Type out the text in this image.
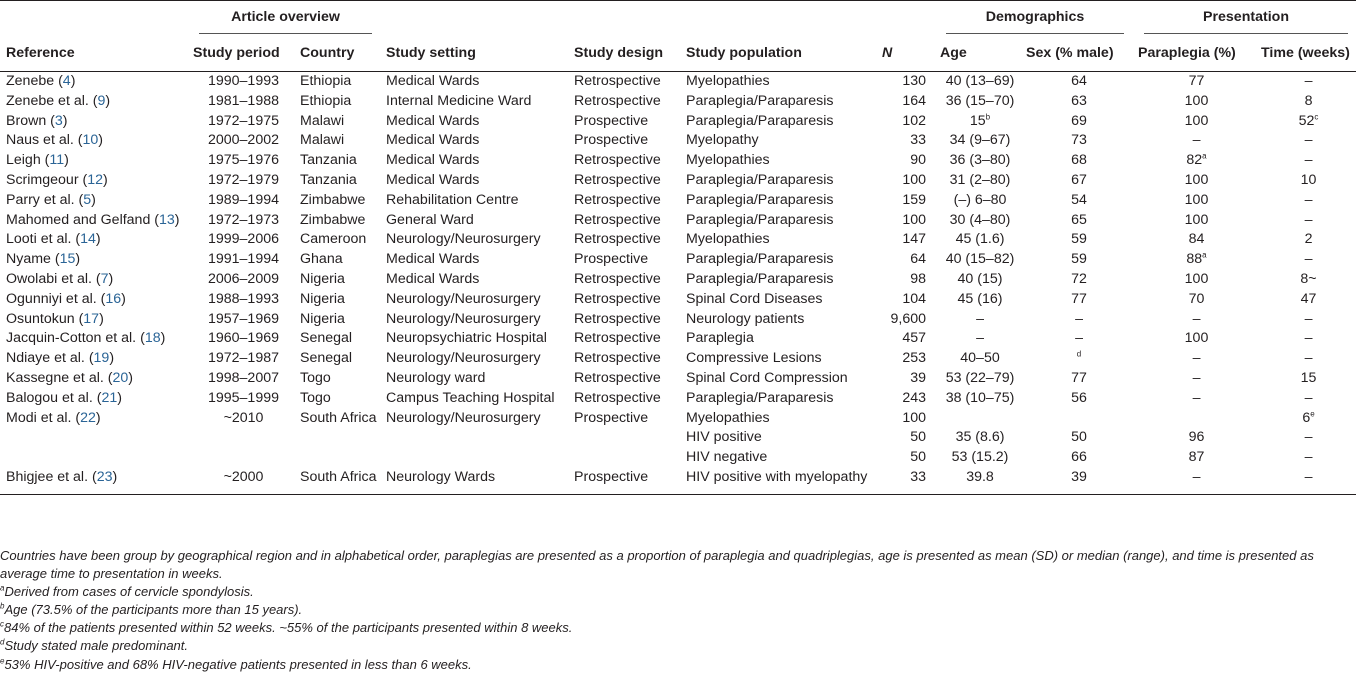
	Article overview						Demographics		Presentation	

Reference	Study period	Country	Study setting	Study design	Study population	N	Age	Sex (% male)	Paraplegia (%)	Time (weeks)
Zenebe (4)	1990–1993	Ethiopia	Medical Wards	Retrospective	Myelopathies	130	40 (13–69)	64	77	–
Zenebe et al. (9)	1981–1988	Ethiopia	Internal Medicine Ward	Retrospective	Paraplegia/Paraparesis	164	36 (15–70)	63	100	8
Brown (3)	1972–1975	Malawi	Medical Wards	Prospective	Paraplegia/Paraparesis	102	15$^b$	69	100	52$^c$
Naus et al. (10)	2000–2002	Malawi	Medical Wards	Prospective	Myelopathy	33	34 (9–67)	73	–	–
Leigh (11)	1975–1976	Tanzania	Medical Wards	Retrospective	Myelopathies	90	36 (3–80)	68	82$^a$	–
Scrimgeour (12)	1972–1979	Tanzania	Medical Wards	Retrospective	Paraplegia/Paraparesis	100	31 (2–80)	67	100	10
Parry et al. (5)	1989–1994	Zimbabwe	Rehabilitation Centre	Retrospective	Paraplegia/Paraparesis	159	(–) 6–80	54	100	–
Mahomed and Gelfand (13)	1972–1973	Zimbabwe	General Ward	Retrospective	Paraplegia/Paraparesis	100	30 (4–80)	65	100	–
Looti et al. (14)	1999–2006	Cameroon	Neurology/Neurosurgery	Retrospective	Myelopathies	147	45 (1.6)	59	84	2
Nyame (15)	1991–1994	Ghana	Medical Wards	Prospective	Paraplegia/Paraparesis	64	40 (15–82)	59	88$^a$	–
Owolabi et al. (7)	2006–2009	Nigeria	Medical Wards	Retrospective	Paraplegia/Paraparesis	98	40 (15)	72	100	8~
Ogunniyi et al. (16)	1988–1993	Nigeria	Neurology/Neurosurgery	Retrospective	Spinal Cord Diseases	104	45 (16)	77	70	47
Osuntokun (17)	1957–1969	Nigeria	Neurology/Neurosurgery	Retrospective	Neurology patients	9,600	–	–	–	–
Jacquin-Cotton et al. (18)	1960–1969	Senegal	Neuropsychiatric Hospital	Retrospective	Paraplegia	457	–	–	100	–
Ndiaye et al. (19)	1972–1987	Senegal	Neurology/Neurosurgery	Retrospective	Compressive Lesions	253	40–50	$^d$	–	–
Kassegne et al. (20)	1998–2007	Togo	Neurology ward	Retrospective	Spinal Cord Compression	39	53 (22–79)	77	–	15
Balogou et al. (21)	1995–1999	Togo	Campus Teaching Hospital	Retrospective	Paraplegia/Paraparesis	243	38 (10–75)	56	–	–
Modi et al. (22)	~2010	South Africa	Neurology/Neurosurgery	Prospective	Myelopathies	100				6e
					HIV positive	50	35 (8.6)	50	96	–
					HIV negative	50	53 (15.2)	66	87	–
Bhigjee et al. (23)	~2000	South Africa	Neurology Wards	Prospective	HIV positive with myelopathy	33	39.8	39	–	–

Countries have been group by geographical region and in alphabetical order, paraplegias are presented as a proportion of paraplegia and quadriplegias, age is presented as mean (SD) or median (range), and time is presented as average time to presentation in weeks.

$^a$Derived from cases of cervicle spondylosis.

$^b$Age (73.5% of the participants more than 15 years).

$^c$84% of the patients presented within 52 weeks. ~55% of the participants presented within 8 weeks.

$^d$Study stated male predominant.

$^e$53% HIV-positive and 68% HIV-negative patients presented in less than 6 weeks.
